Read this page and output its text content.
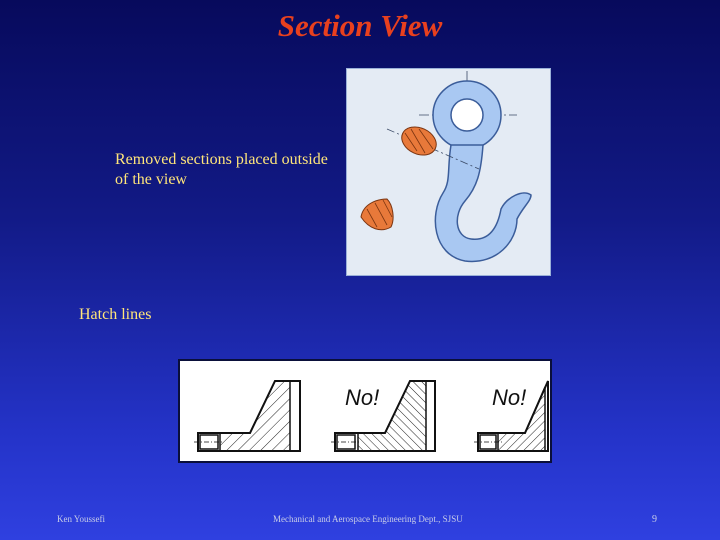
Section View
Removed sections placed outside of the view
Hatch lines
No!	No!
Ken Youssefi	Mechanical and Aerospace Engineering Dept., SJSU	9
